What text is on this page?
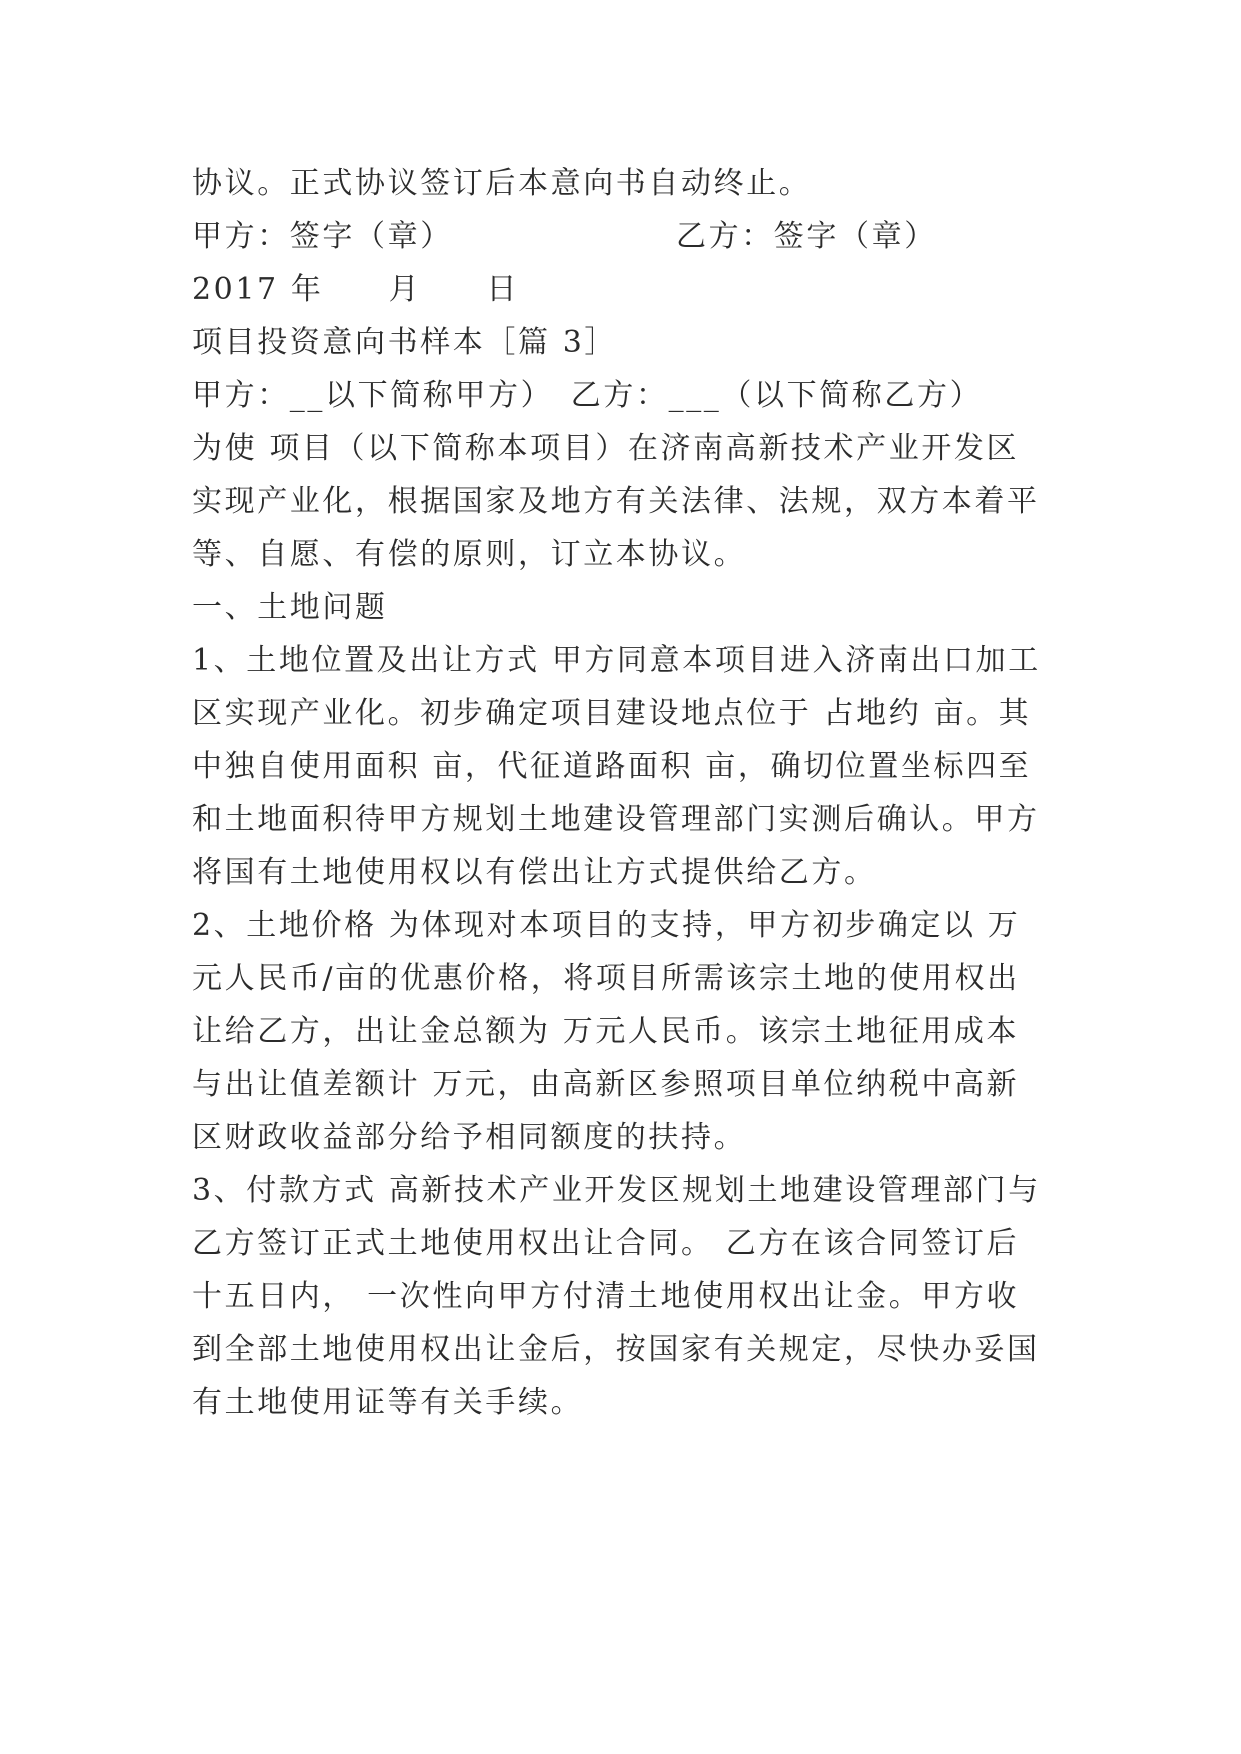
协议。正式协议签订后本意向书自动终止。
甲方：签字（章）	乙方：签字（章）
2017 年　　月　　日
项目投资意向书样本［篇 3］
甲方：__以下简称甲方）　乙方：___（以下简称乙方）
为使 项目（以下简称本项目）在济南高新技术产业开发区
实现产业化，根据国家及地方有关法律、法规，双方本着平
等、自愿、有偿的原则，订立本协议。
一、土地问题
1、土地位置及出让方式 甲方同意本项目进入济南出口加工
区实现产业化。初步确定项目建设地点位于 占地约 亩。其
中独自使用面积 亩，代征道路面积 亩，确切位置坐标四至
和土地面积待甲方规划土地建设管理部门实测后确认。甲方
将国有土地使用权以有偿出让方式提供给乙方。
2、土地价格 为体现对本项目的支持，甲方初步确定以 万
元人民币/亩的优惠价格，将项目所需该宗土地的使用权出
让给乙方，出让金总额为 万元人民币。该宗土地征用成本
与出让值差额计 万元，由高新区参照项目单位纳税中高新
区财政收益部分给予相同额度的扶持。
3、付款方式 高新技术产业开发区规划土地建设管理部门与
乙方签订正式土地使用权出让合同。 乙方在该合同签订后
十五日内， 一次性向甲方付清土地使用权出让金。甲方收
到全部土地使用权出让金后，按国家有关规定，尽快办妥国
有土地使用证等有关手续。
